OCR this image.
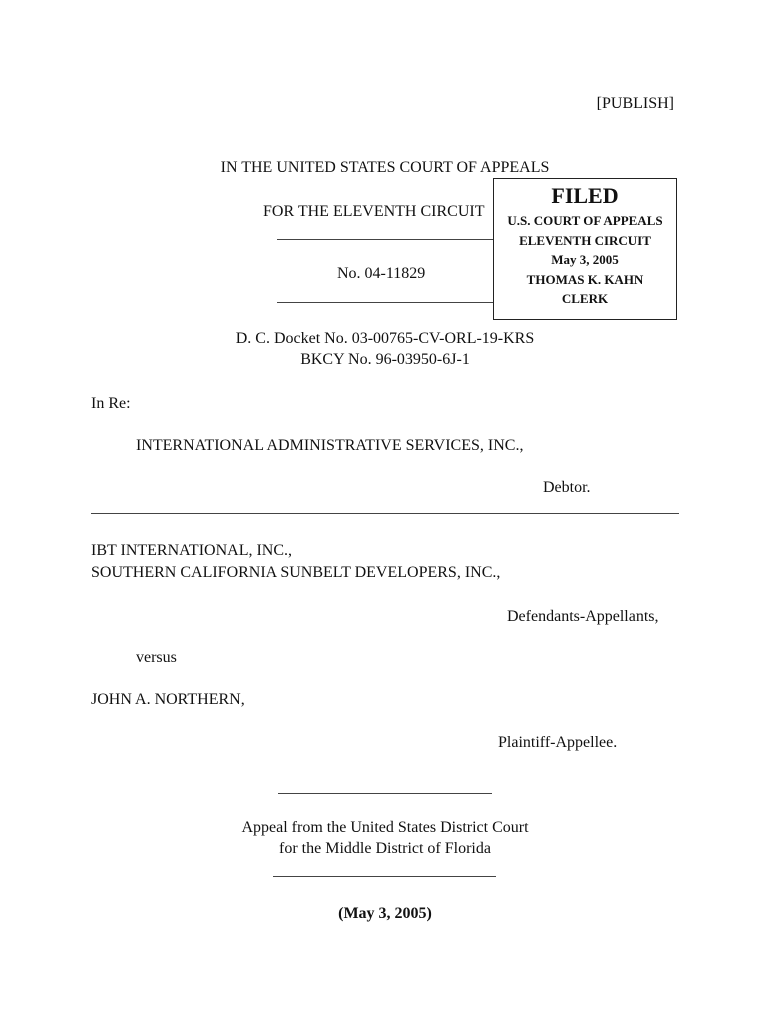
[PUBLISH]
IN THE UNITED STATES COURT OF APPEALS
FOR THE ELEVENTH CIRCUIT
No. 04-11829
FILED
U.S. COURT OF APPEALS
ELEVENTH CIRCUIT
May 3, 2005
THOMAS K. KAHN
CLERK
D. C. Docket No. 03-00765-CV-ORL-19-KRS
BKCY No. 96-03950-6J-1
In Re:
INTERNATIONAL ADMINISTRATIVE SERVICES, INC.,
Debtor.
IBT INTERNATIONAL, INC.,
SOUTHERN CALIFORNIA SUNBELT DEVELOPERS, INC.,
Defendants-Appellants,
versus
JOHN A. NORTHERN,
Plaintiff-Appellee.
Appeal from the United States District Court
for the Middle District of Florida
(May 3, 2005)
